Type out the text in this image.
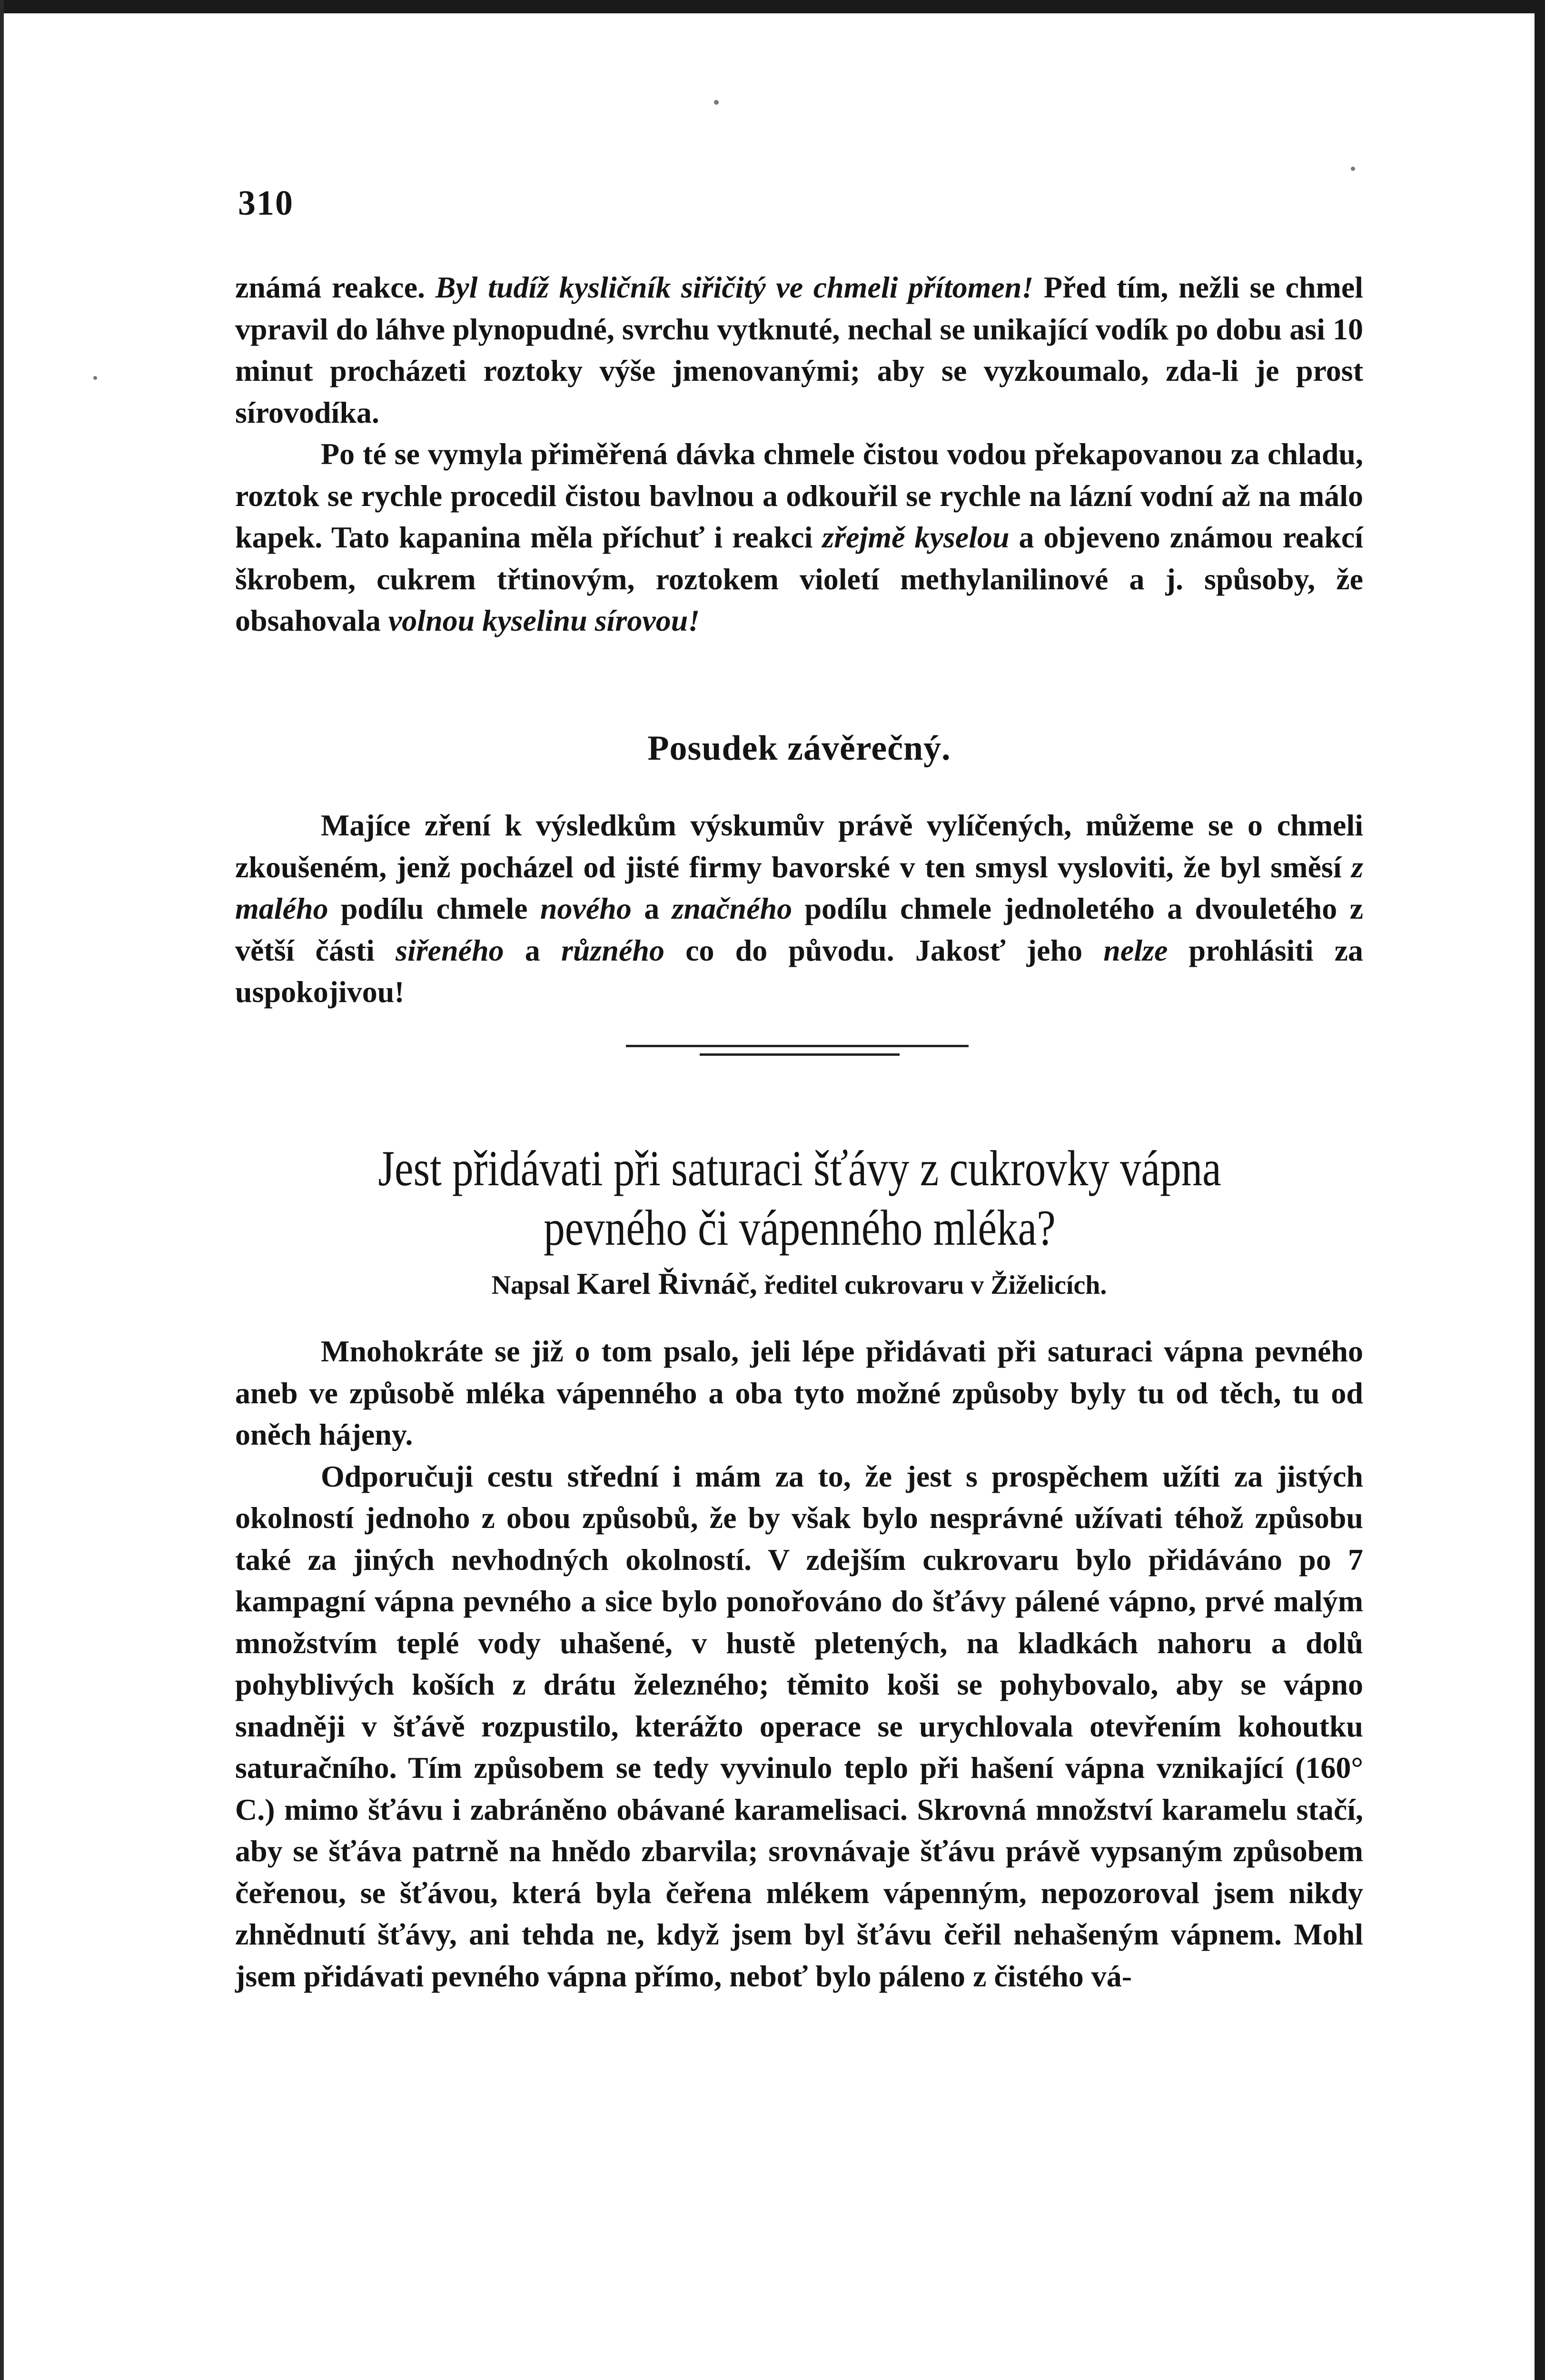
310

známá reakce. Byl tudíž kysličník siřičitý ve chmeli přítomen! Před tím, nežli se chmel vpravil do láhve plynopudné, svrchu vytknuté, nechal se unikající vodík po dobu asi 10 minut procházeti roztoky výše jmenovanými; aby se vyzkoumalo, zda-li je prost sírovodíka.

Po té se vymyla přiměřená dávka chmele čistou vodou překapovanou za chladu, roztok se rychle procedil čistou bavlnou a odkouřil se rychle na lázní vodní až na málo kapek. Tato kapanina měla příchuť i reakci zřejmě kyselou a objeveno známou reakcí škrobem, cukrem třtinovým, roztokem violetí methylanilinové a j. spůsoby, že obsahovala volnou kyselinu sírovou!

Posudek závěrečný.

Majíce zření k výsledkům výskumův právě vylíčených, můžeme se o chmeli zkoušeném, jenž pocházel od jisté firmy bavorské v ten smysl vysloviti, že byl směsí z malého podílu chmele nového a značného podílu chmele jednoletého a dvouletého z větší části siřeného a různého co do původu. Jakosť jeho nelze prohlásiti za uspokojivou!

Jest přidávati při saturaci šťávy z cukrovky vápna
pevného či vápenného mléka?
Napsal Karel Řivnáč, ředitel cukrovaru v Žiželicích.

Mnohokráte se již o tom psalo, jeli lépe přidávati při saturaci vápna pevného aneb ve způsobě mléka vápenného a oba tyto možné způsoby byly tu od těch, tu od oněch hájeny.

Odporučuji cestu střední i mám za to, že jest s prospěchem užíti za jistých okolností jednoho z obou způsobů, že by však bylo nesprávné užívati téhož způsobu také za jiných nevhodných okolností. V zdejším cukrovaru bylo přidáváno po 7 kampagní vápna pevného a sice bylo ponořováno do šťávy pálené vápno, prvé malým množstvím teplé vody uhašené, v hustě pletených, na kladkách nahoru a dolů pohyblivých koších z drátu železného; těmito koši se pohybovalo, aby se vápno snadněji v šťávě rozpustilo, kterážto operace se urychlovala otevřením kohoutku saturačního. Tím způsobem se tedy vyvinulo teplo při hašení vápna vznikající (160° C.) mimo šťávu i zabráněno obávané karamelisaci. Skrovná množství karamelu stačí, aby se šťáva patrně na hnědo zbarvila; srovnávaje šťávu právě vypsaným způsobem čeřenou, se šťávou, která byla čeřena mlékem vápenným, nepozoroval jsem nikdy zhnědnutí šťávy, ani tehda ne, když jsem byl šťávu čeřil nehašeným vápnem. Mohl jsem přidávati pevného vápna přímo, neboť bylo páleno z čistého vá-
